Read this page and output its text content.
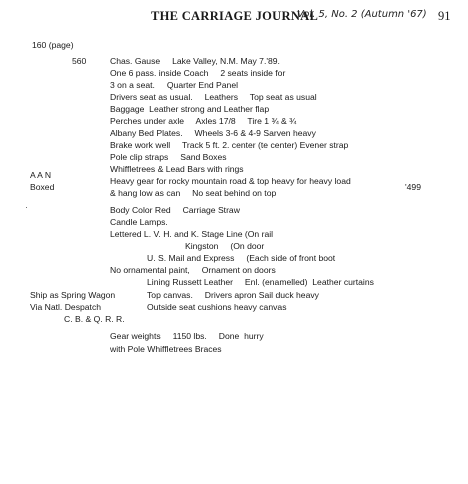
THE CARRIAGE JOURNAL
Vol. 5, No. 2 (Autumn '67) 91
160 (page)
560	Chas. Gause     Lake Valley, N.M. May 7.'89.
One 6 pass. inside Coach     2 seats inside for
3 on a seat.     Quarter End Panel
Drivers seat as usual.     Leathers     Top seat as usual
Baggage  Leather strong and Leather flap
Perches under axle     Axles 17/8     Tire 1 ¾ & ¾
Albany Bed Plates.     Wheels 3-6 & 4-9 Sarven heavy
Brake work well     Track 5 ft. 2. center (te center) Evener strap
Pole clip straps     Sand Boxes
Whiffletrees & Lead Bars with rings
A A N
Heavy gear for rocky mountain road & top heavy for heavy load
Boxed
& hang low as can     No seat behind on top
'499
·	Body Color Red     Carriage Straw
Candle Lamps.
Lettered L. V. H. and K. Stage Line (On rail
Kingston     (On door
U. S. Mail and Express     (Each side of front boot
No ornamental paint,     Ornament on doors
Lining Russett Leather     Enl. (enamelled)  Leather curtains
Ship as Spring Wagon	Top canvas.     Drivers apron Sail duck heavy
Via Natl. Despatch	Outside seat cushions heavy canvas
C. B. & Q. R. R.
Gear weights     1150 lbs.     Done  hurry
with Pole Whiffletrees Braces
